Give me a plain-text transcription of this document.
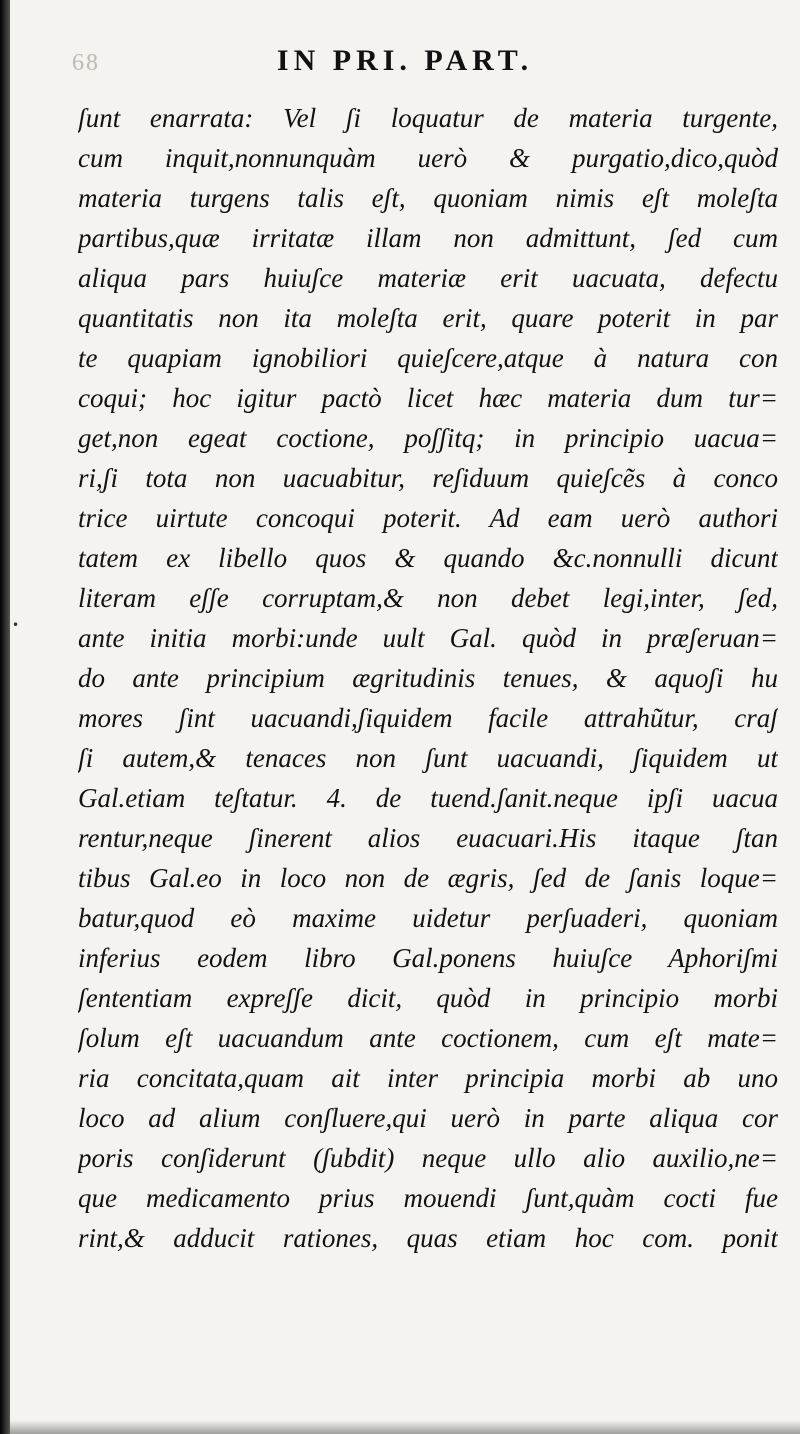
68	IN PRI. PART.
•
ʃunt enarrata: Vel ʃi loquatur de materia turgente,
cum inquit,nonnunquàm uerò & purgatio,dico,quòd
materia turgens talis eʃt, quoniam nimis eʃt moleʃta
partibus,quæ irritatæ illam non admittunt, ʃed cum
aliqua pars huiuʃce materiæ erit uacuata, defectu
quantitatis non ita moleʃta erit, quare poterit in par
te quapiam ignobiliori quieʃcere,atque à natura con
coqui; hoc igitur pactò licet hæc materia dum tur=
get,non egeat coctione, poʃʃitq; in principio uacua=
ri,ʃi tota non uacuabitur, reʃiduum quieʃcẽs à conco
trice uirtute concoqui poterit. Ad eam uerò authori
tatem ex libello quos & quando &c.nonnulli dicunt
literam eʃʃe corruptam,& non debet legi,inter, ʃed,
ante initia morbi:unde uult Gal. quòd in præʃeruan=
do ante principium ægritudinis tenues, & aquoʃi hu
mores ʃint uacuandi,ʃiquidem facile attrahũtur, craʃ
ʃi autem,& tenaces non ʃunt uacuandi, ʃiquidem ut
Gal.etiam teʃtatur. 4. de tuend.ʃanit.neque ipʃi uacua
rentur,neque ʃinerent alios euacuari.His itaque ʃtan
tibus Gal.eo in loco non de ægris, ʃed de ʃanis loque=
batur,quod eò maxime uidetur perʃuaderi, quoniam
inferius eodem libro Gal.ponens huiuʃce Aphoriʃmi
ʃententiam expreʃʃe dicit, quòd in principio morbi
ʃolum eʃt uacuandum ante coctionem, cum eʃt mate=
ria concitata,quam ait inter principia morbi ab uno
loco ad alium conʃluere,qui uerò in parte aliqua cor
poris conʃiderunt (ʃubdit) neque ullo alio auxilio,ne=
que medicamento prius mouendi ʃunt,quàm cocti fue
rint,& adducit rationes, quas etiam hoc com. ponit
